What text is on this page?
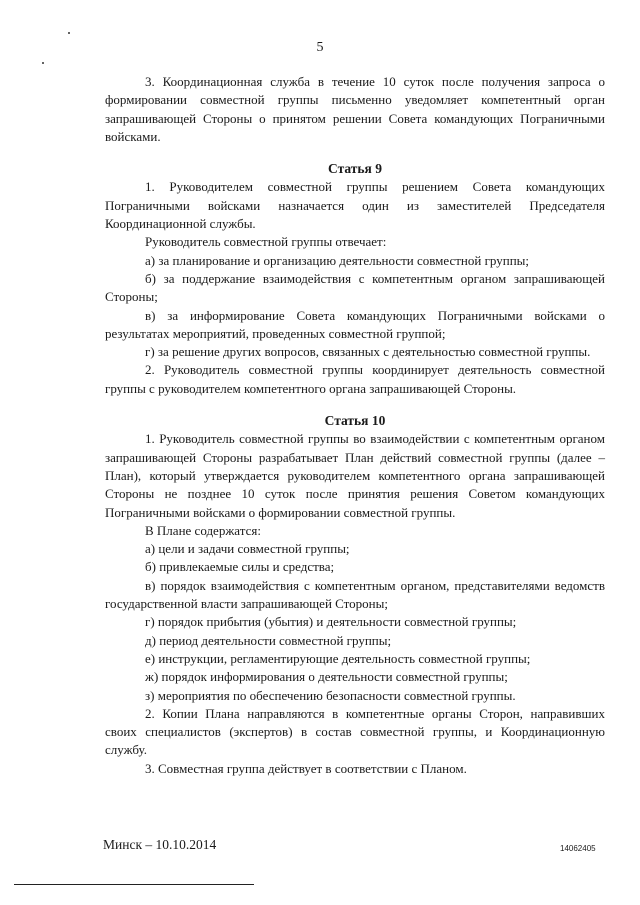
5

3. Координационная служба в течение 10 суток после получения запроса о формировании совместной группы письменно уведомляет компетентный орган запрашивающей Стороны о принятом решении Совета командующих Пограничными войсками.

Статья 9

1. Руководителем совместной группы решением Совета командующих Пограничными войсками назначается один из заместителей Председателя Координационной службы.

Руководитель совместной группы отвечает:

а) за планирование и организацию деятельности совместной группы;

б) за поддержание взаимодействия с компетентным органом запрашивающей Стороны;

в) за информирование Совета командующих Пограничными войсками о результатах мероприятий, проведенных совместной группой;

г) за решение других вопросов, связанных с деятельностью совместной группы.

2. Руководитель совместной группы координирует деятельность совместной группы с руководителем компетентного органа запрашивающей Стороны.

Статья 10

1. Руководитель совместной группы во взаимодействии с компетентным органом запрашивающей Стороны разрабатывает План действий совместной группы (далее – План), который утверждается руководителем компетентного органа запрашивающей Стороны не позднее 10 суток после принятия решения Советом командующих Пограничными войсками о формировании совместной группы.

В Плане содержатся:

а) цели и задачи совместной группы;

б) привлекаемые силы и средства;

в) порядок взаимодействия с компетентным органом, представителями ведомств государственной власти запрашивающей Стороны;

г) порядок прибытия (убытия) и деятельности совместной группы;

д) период деятельности совместной группы;

е) инструкции, регламентирующие деятельность совместной группы;

ж) порядок информирования о деятельности совместной группы;

з) мероприятия по обеспечению безопасности совместной группы.

2. Копии Плана направляются в компетентные органы Сторон, направивших своих специалистов (экспертов) в состав совместной группы, и Координационную службу.

3. Совместная группа действует в соответствии с Планом.

Минск – 10.10.2014	14062405
